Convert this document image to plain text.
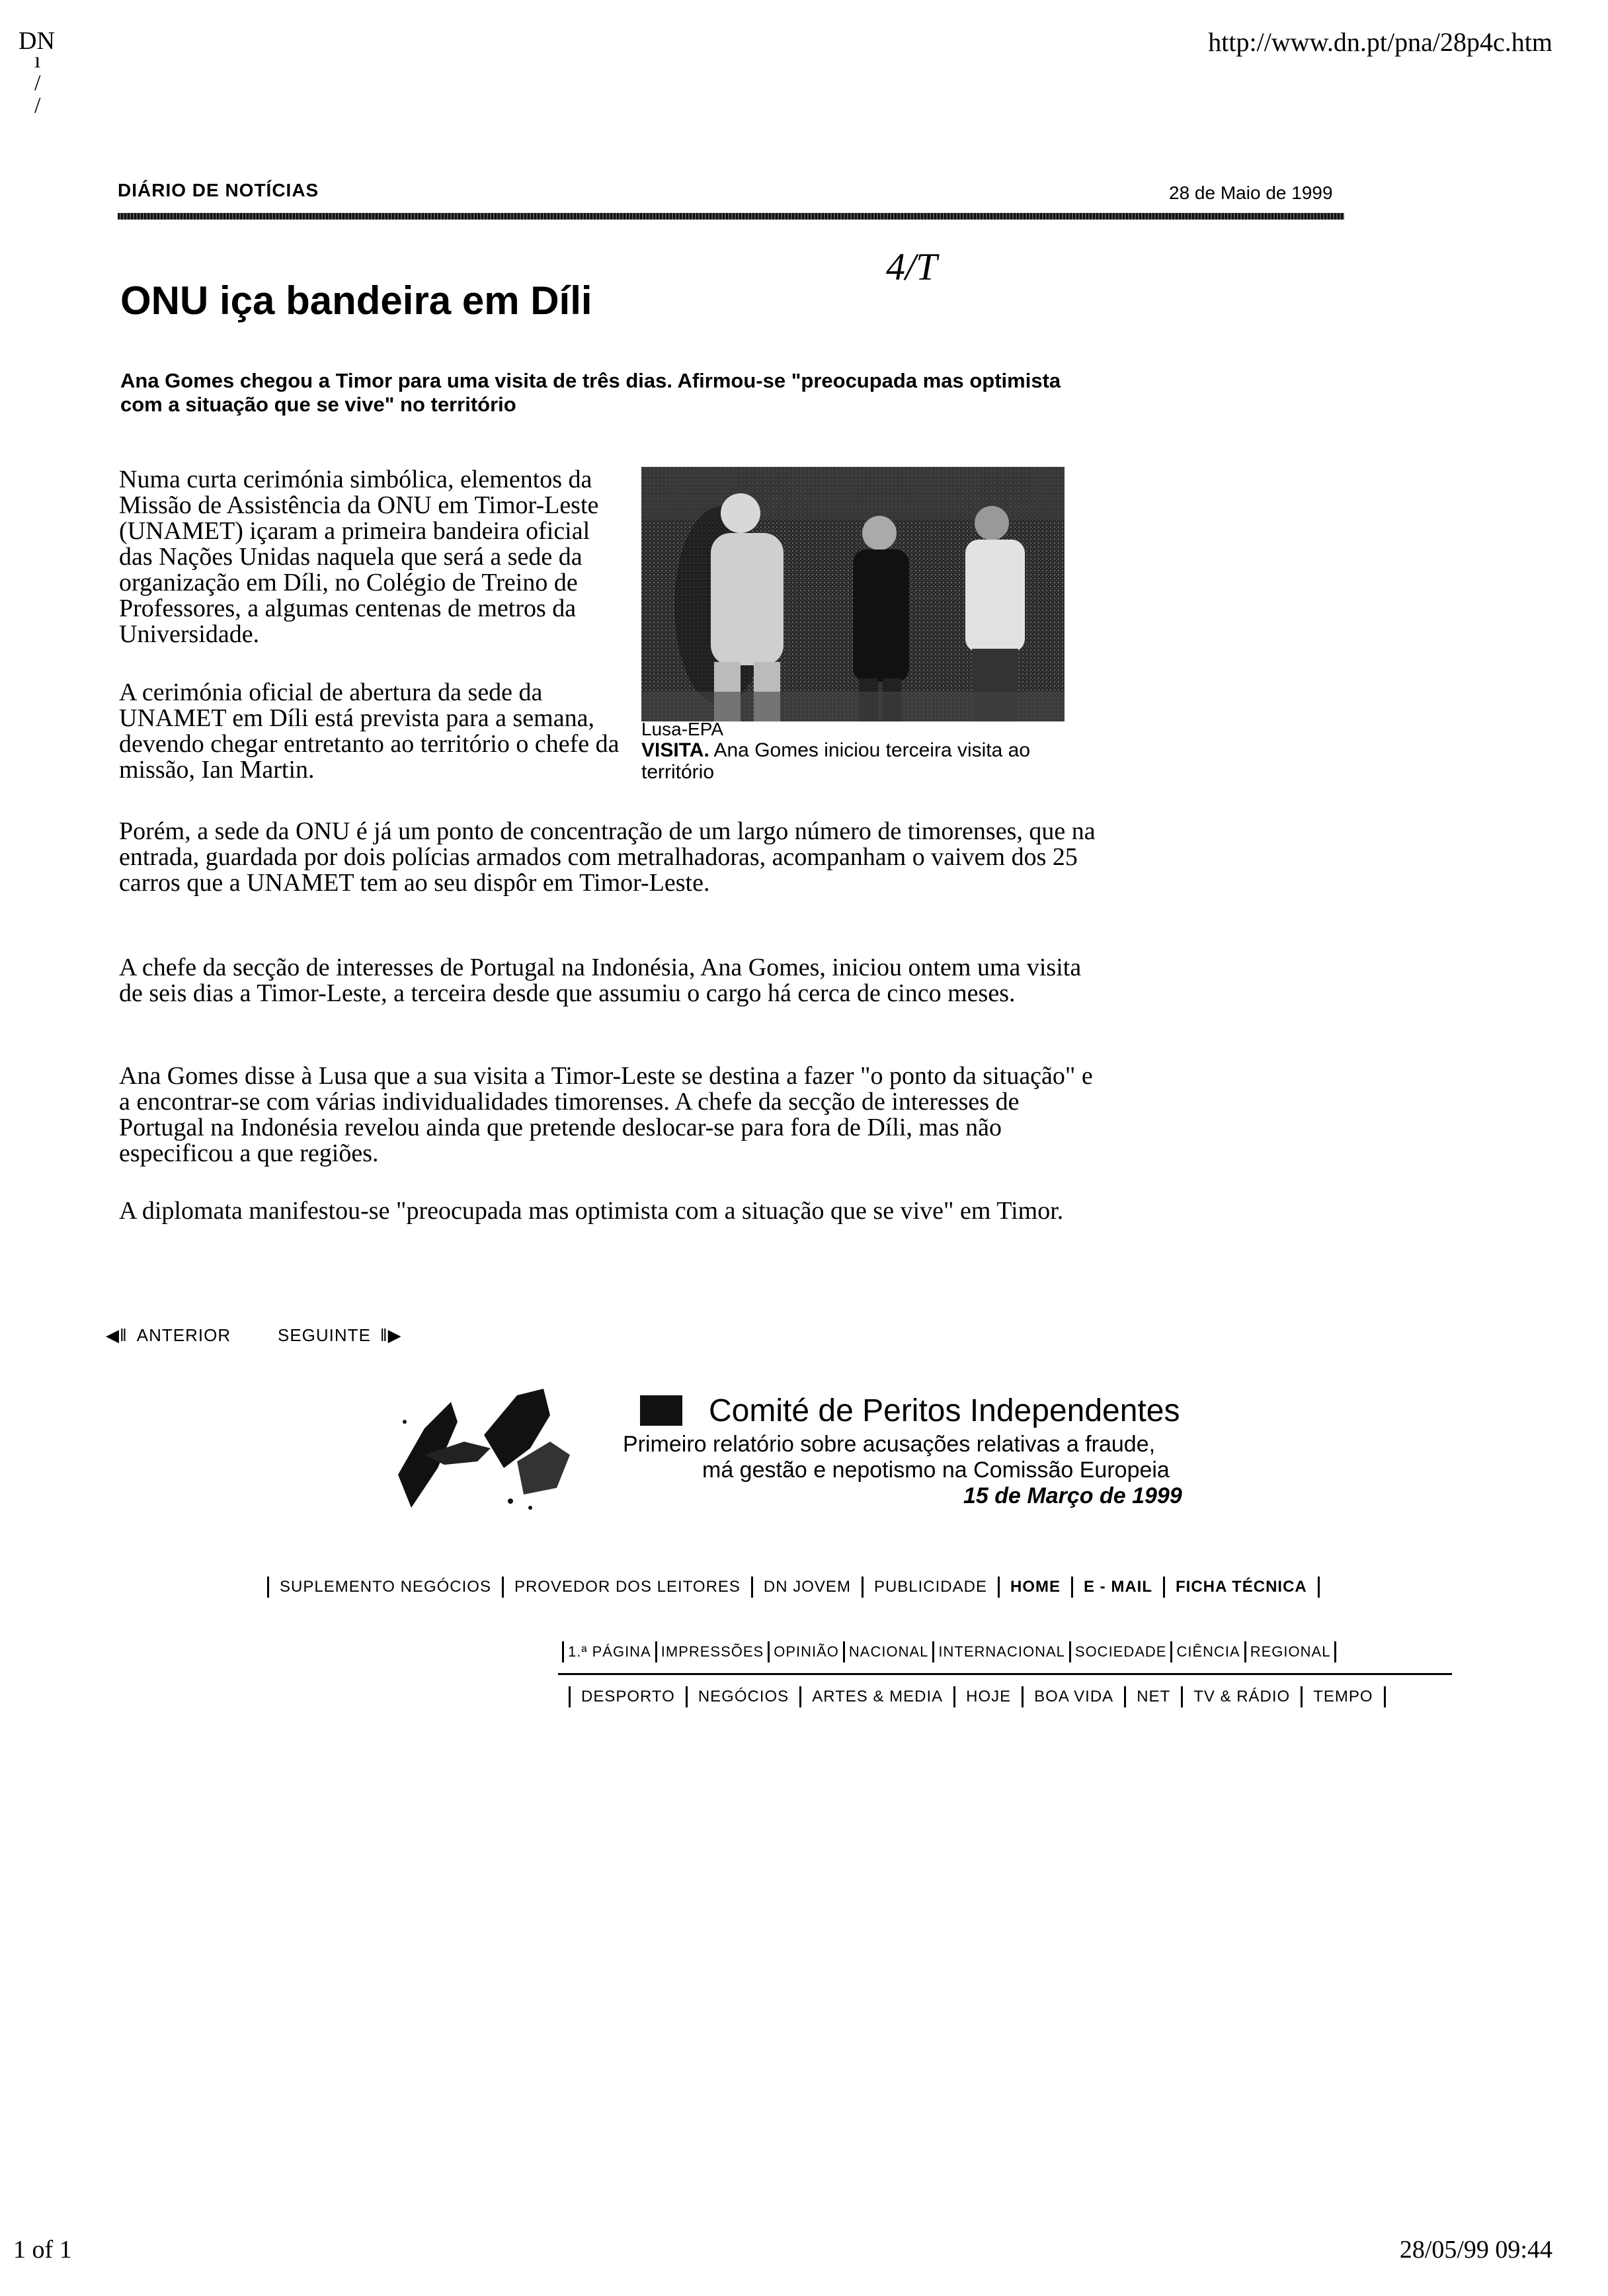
DN
ı
/
/
http://www.dn.pt/pna/28p4c.htm
DIÁRIO DE NOTÍCIAS	28 de Maio de 1999
ONU iça bandeira em Díli
4/T

Ana Gomes chegou a Timor para uma visita de três dias. Afirmou-se "preocupada mas optimista com a situação que se vive" no território

Numa curta cerimónia simbólica, elementos da Missão de Assistência da ONU em Timor-Leste (UNAMET) içaram a primeira bandeira oficial das Nações Unidas naquela que será a sede da organização em Díli, no Colégio de Treino de Professores, a algumas centenas de metros da Universidade.

A cerimónia oficial de abertura da sede da UNAMET em Díli está prevista para a semana, devendo chegar entretanto ao território o chefe da missão, Ian Martin.

Porém, a sede da ONU é já um ponto de concentração de um largo número de timorenses, que na entrada, guardada por dois polícias armados com metralhadoras, acompanham o vaivem dos 25 carros que a UNAMET tem ao seu dispôr em Timor-Leste.

A chefe da secção de interesses de Portugal na Indonésia, Ana Gomes, iniciou ontem uma visita de seis dias a Timor-Leste, a terceira desde que assumiu o cargo há cerca de cinco meses.

Ana Gomes disse à Lusa que a sua visita a Timor-Leste se destina a fazer "o ponto da situação" e a encontrar-se com várias individualidades timorenses. A chefe da secção de interesses de Portugal na Indonésia revelou ainda que pretende deslocar-se para fora de Díli, mas não especificou a que regiões.

A diplomata manifestou-se "preocupada mas optimista com a situação que se vive" em Timor.

Lusa-EPA
VISITA. Ana Gomes iniciou terceira visita ao território
◀‖ ANTERIOR	SEGUINTE ‖▶
Comité de Peritos Independentes
Primeiro relatório sobre acusações relativas a fraude,
má gestão e nepotismo na Comissão Europeia
15 de Março de 1999
SUPLEMENTO NEGÓCIOS PROVEDOR DOS LEITORES DN JOVEM PUBLICIDADE HOME E - MAIL FICHA TÉCNICA
1.ª PÁGINA IMPRESSÕES OPINIÃO NACIONAL INTERNACIONAL SOCIEDADE CIÊNCIA REGIONAL
DESPORTO NEGÓCIOS ARTES & MEDIA HOJE BOA VIDA NET TV & RÁDIO TEMPO
1 of 1	28/05/99 09:44
